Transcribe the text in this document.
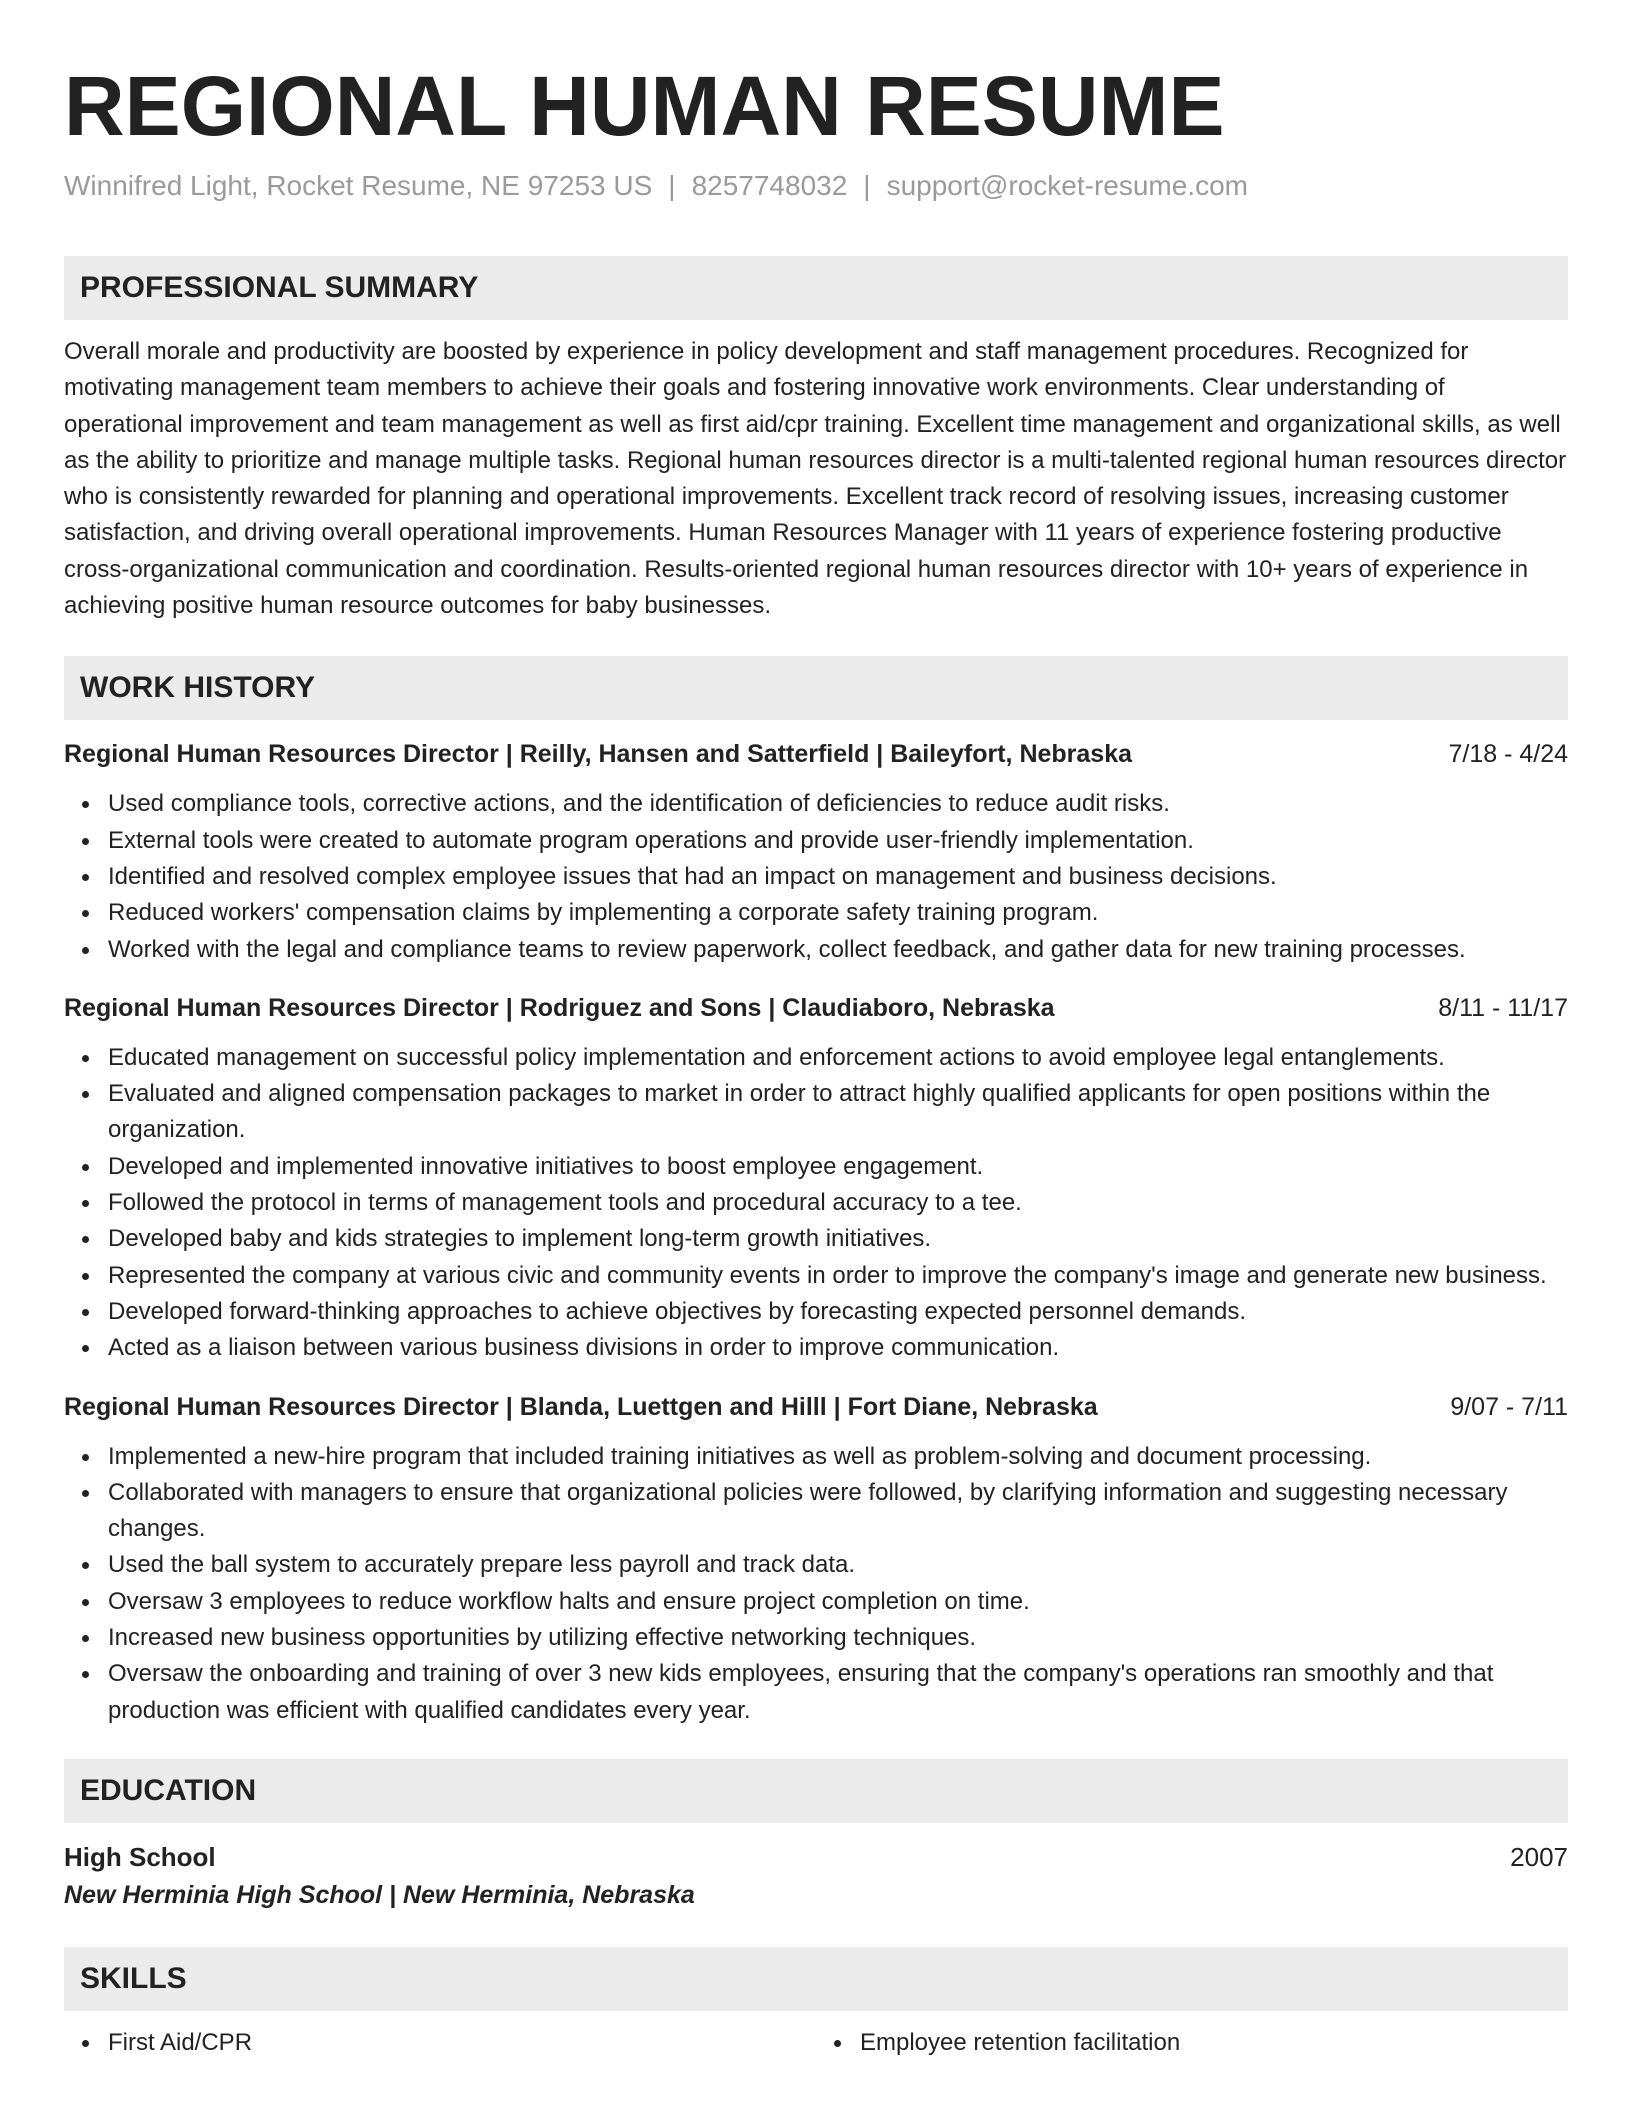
REGIONAL HUMAN RESUME
Winnifred Light, Rocket Resume, NE 97253 US | 8257748032 | support@rocket-resume.com
PROFESSIONAL SUMMARY
Overall morale and productivity are boosted by experience in policy development and staff management procedures. Recognized for motivating management team members to achieve their goals and fostering innovative work environments. Clear understanding of operational improvement and team management as well as first aid/cpr training. Excellent time management and organizational skills, as well as the ability to prioritize and manage multiple tasks. Regional human resources director is a multi-talented regional human resources director who is consistently rewarded for planning and operational improvements. Excellent track record of resolving issues, increasing customer satisfaction, and driving overall operational improvements. Human Resources Manager with 11 years of experience fostering productive cross-organizational communication and coordination. Results-oriented regional human resources director with 10+ years of experience in achieving positive human resource outcomes for baby businesses.
WORK HISTORY
Regional Human Resources Director | Reilly, Hansen and Satterfield | Baileyfort, Nebraska	7/18 - 4/24
Used compliance tools, corrective actions, and the identification of deficiencies to reduce audit risks.
External tools were created to automate program operations and provide user-friendly implementation.
Identified and resolved complex employee issues that had an impact on management and business decisions.
Reduced workers' compensation claims by implementing a corporate safety training program.
Worked with the legal and compliance teams to review paperwork, collect feedback, and gather data for new training processes.
Regional Human Resources Director | Rodriguez and Sons | Claudiaboro, Nebraska	8/11 - 11/17
Educated management on successful policy implementation and enforcement actions to avoid employee legal entanglements.
Evaluated and aligned compensation packages to market in order to attract highly qualified applicants for open positions within the organization.
Developed and implemented innovative initiatives to boost employee engagement.
Followed the protocol in terms of management tools and procedural accuracy to a tee.
Developed baby and kids strategies to implement long-term growth initiatives.
Represented the company at various civic and community events in order to improve the company's image and generate new business.
Developed forward-thinking approaches to achieve objectives by forecasting expected personnel demands.
Acted as a liaison between various business divisions in order to improve communication.
Regional Human Resources Director | Blanda, Luettgen and Hilll | Fort Diane, Nebraska	9/07 - 7/11
Implemented a new-hire program that included training initiatives as well as problem-solving and document processing.
Collaborated with managers to ensure that organizational policies were followed, by clarifying information and suggesting necessary changes.
Used the ball system to accurately prepare less payroll and track data.
Oversaw 3 employees to reduce workflow halts and ensure project completion on time.
Increased new business opportunities by utilizing effective networking techniques.
Oversaw the onboarding and training of over 3 new kids employees, ensuring that the company's operations ran smoothly and that production was efficient with qualified candidates every year.
EDUCATION
High School	2007
New Herminia High School | New Herminia, Nebraska
SKILLS
First Aid/CPR	Employee retention facilitation
